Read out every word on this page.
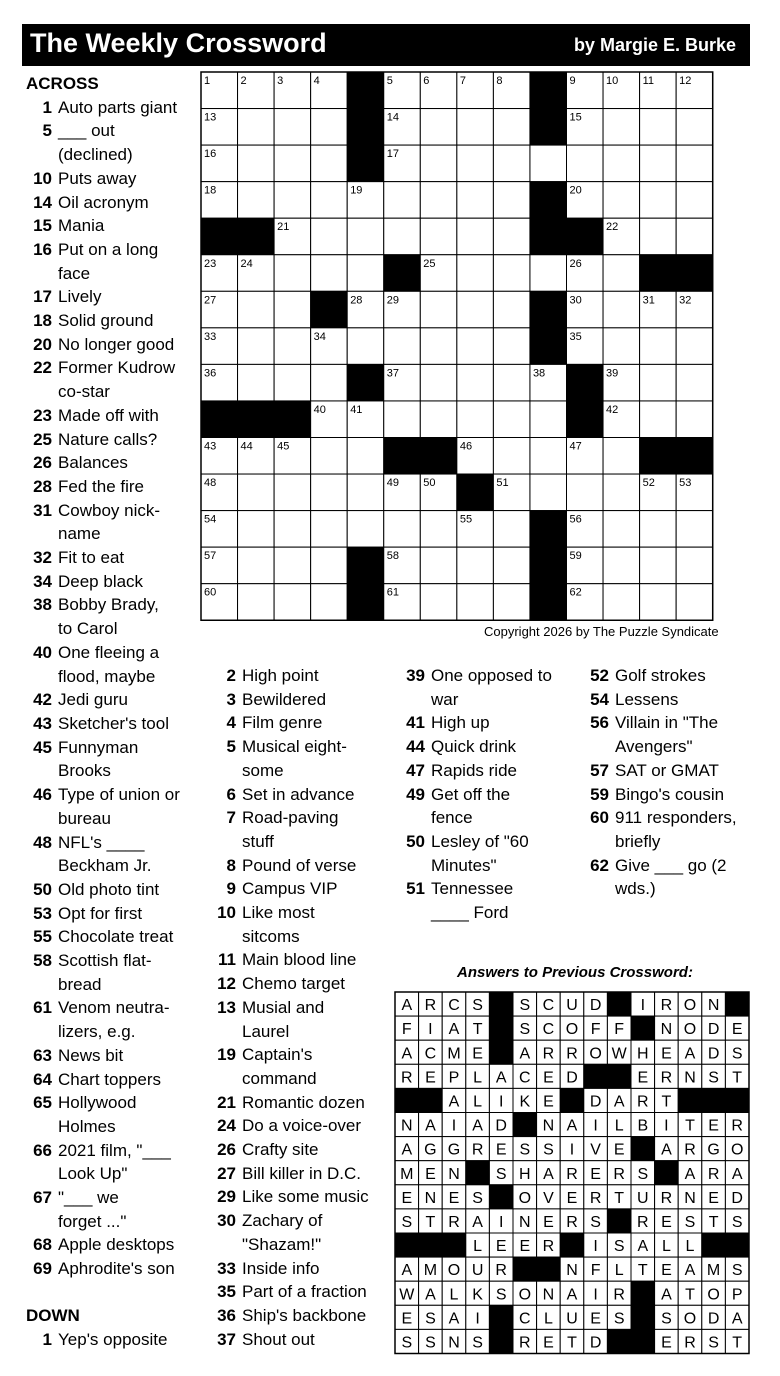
The Weekly Crossword	by Margie E. Burke
ACROSS
1 Auto parts giant
5 ___ out
(declined)
10 Puts away
14 Oil acronym
15 Mania
16 Put on a long
face
17 Lively
18 Solid ground
20 No longer good
22 Former Kudrow
co-star
23 Made off with
25 Nature calls?
26 Balances
28 Fed the fire
31 Cowboy nick-
name
32 Fit to eat
34 Deep black
38 Bobby Brady,
to Carol
40 One fleeing a
flood, maybe
42 Jedi guru
43 Sketcher's tool
45 Funnyman
Brooks
46 Type of union or
bureau
48 NFL's ____
Beckham Jr.
50 Old photo tint
53 Opt for first
55 Chocolate treat
58 Scottish flat-
bread
61 Venom neutra-
lizers, e.g.
63 News bit
64 Chart toppers
65 Hollywood
Holmes
66 2021 film, "___
Look Up"
67 "___ we
forget ..."
68 Apple desktops
69 Aphrodite's son
DOWN
1 Yep's opposite
2 High point
3 Bewildered
4 Film genre
5 Musical eight-
some
6 Set in advance
7 Road-paving
stuff
8 Pound of verse
9 Campus VIP
10 Like most
sitcoms
11 Main blood line
12 Chemo target
13 Musial and
Laurel
19 Captain's
command
21 Romantic dozen
24 Do a voice-over
26 Crafty site
27 Bill killer in D.C.
29 Like some music
30 Zachary of
"Shazam!"
33 Inside info
35 Part of a fraction
36 Ship's backbone
37 Shout out
39 One opposed to
war
41 High up
44 Quick drink
47 Rapids ride
49 Get off the
fence
50 Lesley of "60
Minutes"
51 Tennessee
____ Ford
52 Golf strokes
54 Lessens
56 Villain in "The
Avengers"
57 SAT or GMAT
59 Bingo's cousin
60 911 responders,
briefly
62 Give ___ go (2
wds.)
1	2	3	4	5	6	7	8	9	10 11 12
13	14	15
16	17
18	19	20
21	22
23 24	25	26
27	28 29	30	31 32
33	34	35
36	37	38	39
40 41	42
43 44 45	46	47
48	49 50	51	52 53
54	55	56
57	58	59
60	61	62
A R C S S C U D I R O N
F I A T S C O F F N O D E
A C M E A R R O W H E A D S
R E P L A C E D	E R N S T
A L I K E D A R T
N A I A D N A I L B I T E R
A G G R E S S I V E A R G O
M E N S H A R E R S A R A
E N E S O V E R T U R N E D
S T R A I N E R S R E S T S
L E E R I S A L L
A M O U R	N F L T E A M S
W A L K S O N A I R A T O P
E S A I C L U E S S O D A
S S N S R E T D	E R S T
Copyright 2026 by The Puzzle Syndicate
Answers to Previous Crossword:
